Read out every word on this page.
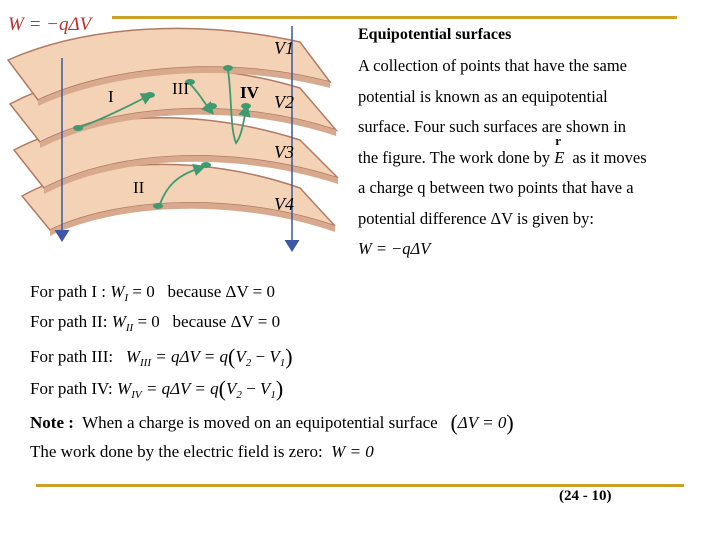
W = −qΔV
V1
V2
V3
V4
I
II
III	IV
Equipotential surfaces
A collection of points that have the same
potential is known as an equipotential
surface. Four such surfaces are shown in
the figure. The work done by
r
E as it moves
a charge q between two points that have a
potential difference ΔV is given by:
W = −qΔV
For path I : $W_I = 0$ because ΔV = 0
For path II: $W_{II} = 0$ because ΔV = 0
For path III:   $W_{III} = q\Delta V = q(V_2 - V_1)$
For path IV: $W_{IV} = q\Delta V = q(V_2 - V_1)$
Note : When a charge is moved on an equipotential surface (ΔV = 0)
The work done by the electric field is zero: W = 0
(24 - 10)
